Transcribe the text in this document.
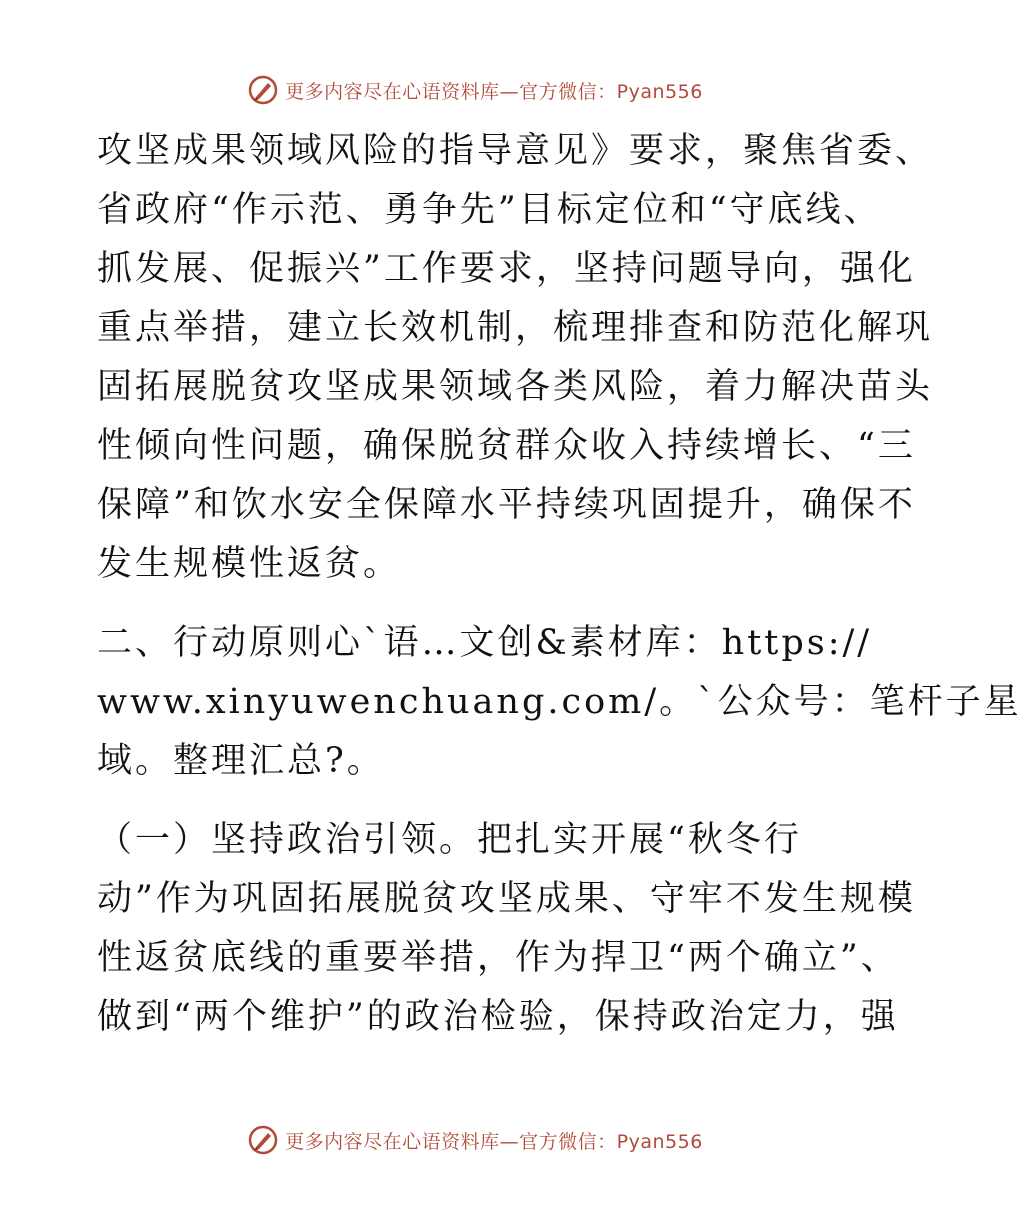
更多内容尽在心语资料库—官方微信：Pyan556
攻坚成果领域风险的指导意见》要求，聚焦省委、
省政府“作示范、勇争先”目标定位和“守底线、
抓发展、促振兴”工作要求，坚持问题导向，强化
重点举措，建立长效机制，梳理排查和防范化解巩
固拓展脱贫攻坚成果领域各类风险，着力解决苗头
性倾向性问题，确保脱贫群众收入持续增长、“三
保障”和饮水安全保障水平持续巩固提升，确保不
发生规模性返贫。
二、行动原则心`语…文创&素材库：https://
www.xinyuwenchuang.com/。`公众号：笔杆子星
域。整理汇总?。
（一）坚持政治引领。把扎实开展“秋冬行
动”作为巩固拓展脱贫攻坚成果、守牢不发生规模
性返贫底线的重要举措，作为捍卫“两个确立”、
做到“两个维护”的政治检验，保持政治定力，强
更多内容尽在心语资料库—官方微信：Pyan556
